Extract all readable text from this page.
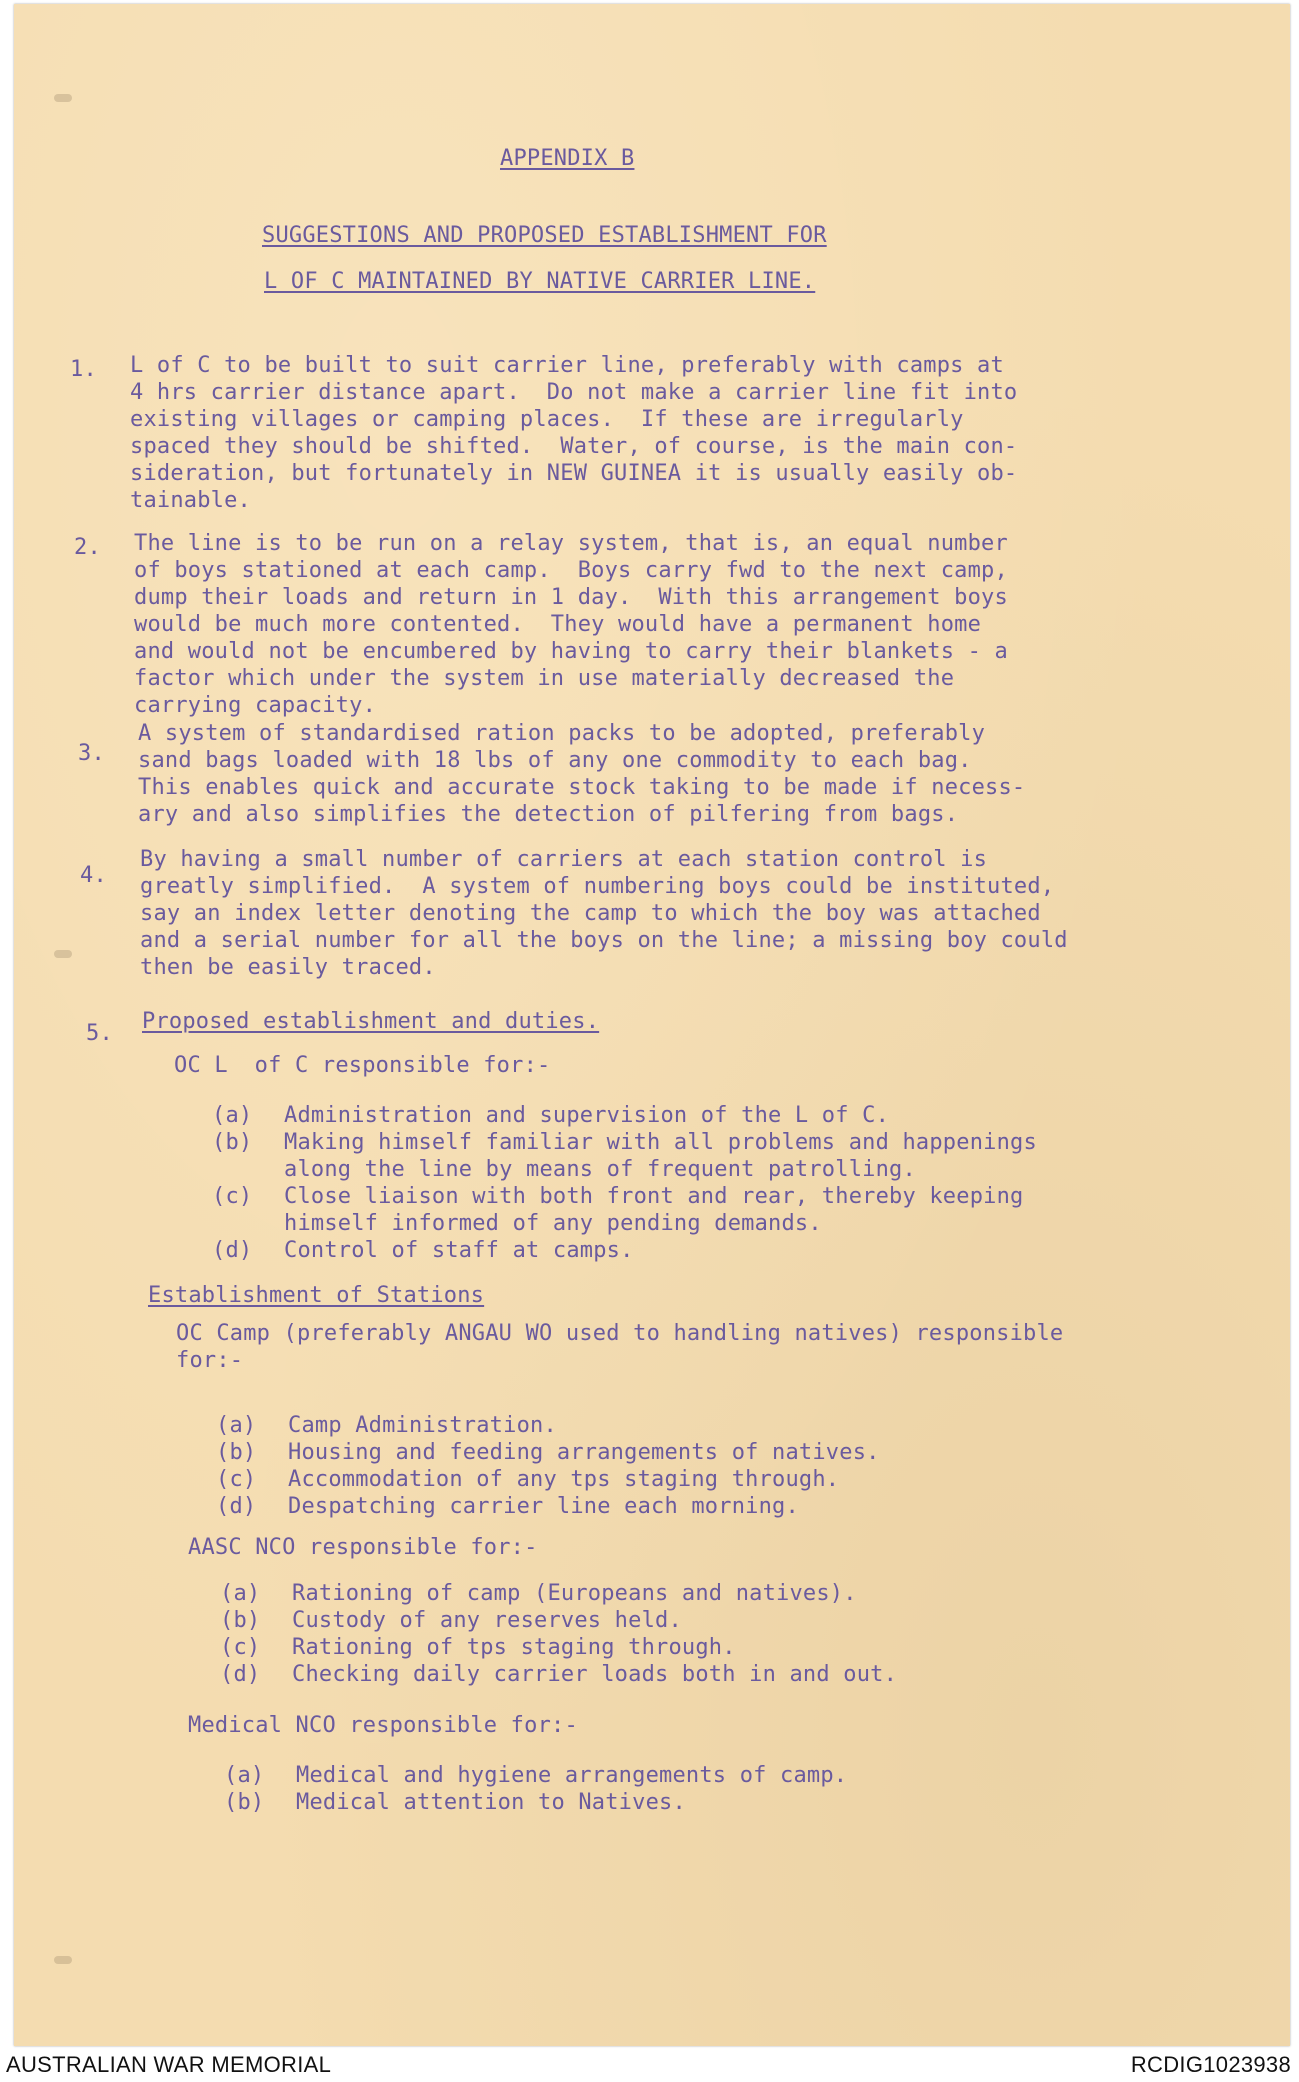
APPENDIX B
SUGGESTIONS AND PROPOSED ESTABLISHMENT FOR
L OF C MAINTAINED BY NATIVE CARRIER LINE.
1. L of C to be built to suit carrier line, preferably with camps at
4 hrs carrier distance apart.  Do not make a carrier line fit into
existing villages or camping places.  If these are irregularly
spaced they should be shifted.  Water, of course, is the main con-
sideration, but fortunately in NEW GUINEA it is usually easily ob-
tainable.
2. The line is to be run on a relay system, that is, an equal number
of boys stationed at each camp.  Boys carry fwd to the next camp,
dump their loads and return in 1 day.  With this arrangement boys
would be much more contented.  They would have a permanent home
and would not be encumbered by having to carry their blankets - a
factor which under the system in use materially decreased the
carrying capacity.
3.
A system of standardised ration packs to be adopted, preferably
sand bags loaded with 18 lbs of any one commodity to each bag.
This enables quick and accurate stock taking to be made if necess-
ary and also simplifies the detection of pilfering from bags.
4.
By having a small number of carriers at each station control is
greatly simplified.  A system of numbering boys could be instituted,
say an index letter denoting the camp to which the boy was attached
and a serial number for all the boys on the line; a missing boy could
then be easily traced.
5. Proposed establishment and duties.
OC L  of C responsible for:-
(a)	Administration and supervision of the L of C.
(b)	Making himself familiar with all problems and happenings
along the line by means of frequent patrolling.
(c)	Close liaison with both front and rear, thereby keeping
himself informed of any pending demands.
(d)	Control of staff at camps.
Establishment of Stations
OC Camp (preferably ANGAU WO used to handling natives) responsible
for:-
(a)	Camp Administration.
(b)	Housing and feeding arrangements of natives.
(c)	Accommodation of any tps staging through.
(d)	Despatching carrier line each morning.
AASC NCO responsible for:-
(a)	Rationing of camp (Europeans and natives).
(b)	Custody of any reserves held.
(c)	Rationing of tps staging through.
(d)	Checking daily carrier loads both in and out.
Medical NCO responsible for:-
(a)	Medical and hygiene arrangements of camp.
(b)	Medical attention to Natives.
AUSTRALIAN WAR MEMORIAL	RCDIG1023938
